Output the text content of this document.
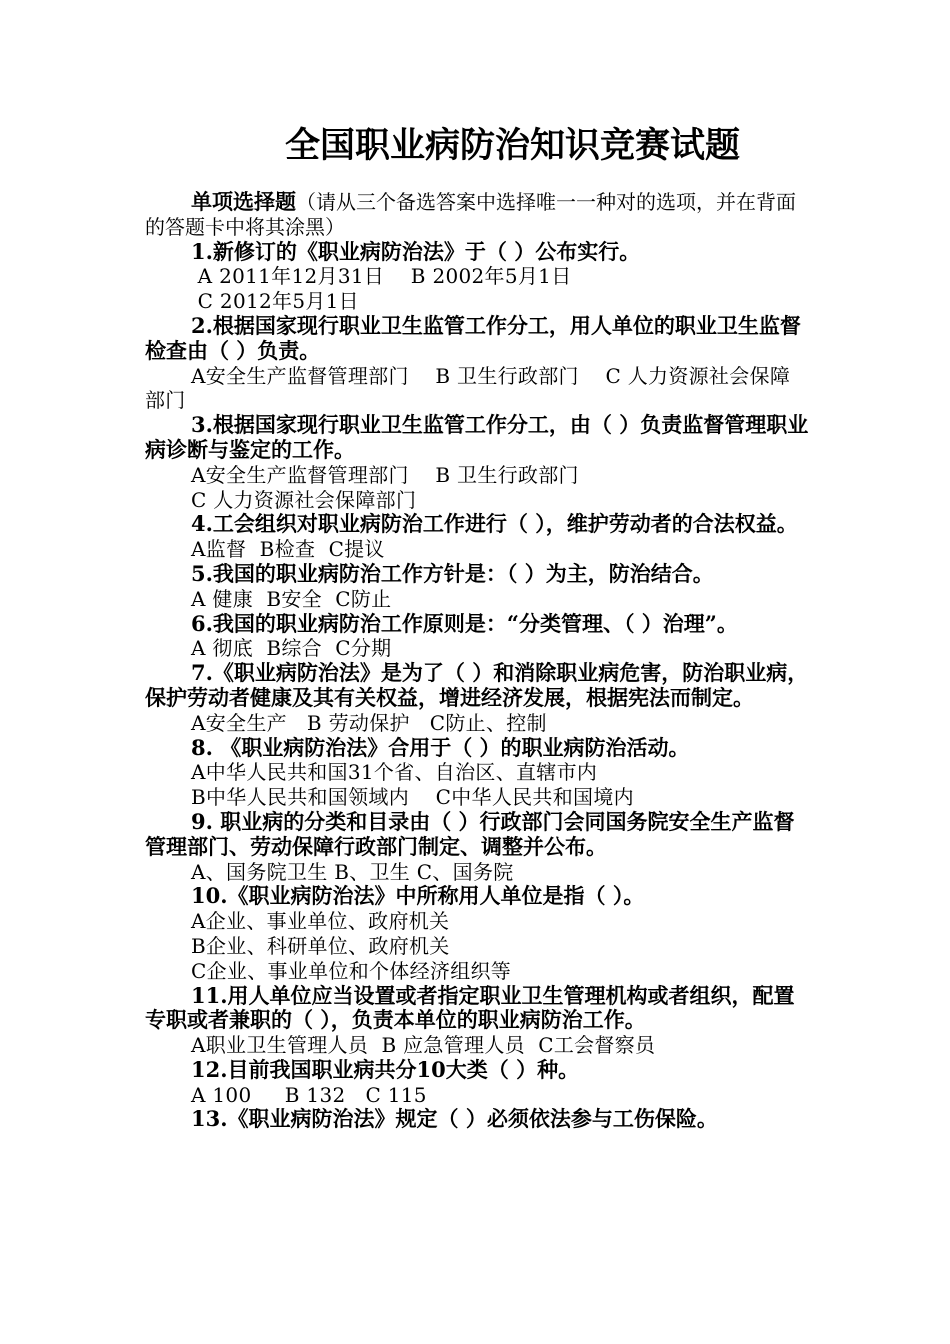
全国职业病防治知识竞赛试题

单项选择题（请从三个备选答案中选择唯一一种对的选项，并在背面的答题卡中将其涂黑）

1.新修订的《职业病防治法》于（ ）公布实行。

A 2011年12月31日    B 2002年5月1日

C 2012年5月1日

2.根据国家现行职业卫生监管工作分工，用人单位的职业卫生监督检查由（ ）负责。

A安全生产监督管理部门    B 卫生行政部门    C 人力资源社会保障部门

3.根据国家现行职业卫生监管工作分工，由（ ）负责监督管理职业病诊断与鉴定的工作。

A安全生产监督管理部门    B 卫生行政部门

C 人力资源社会保障部门

4.工会组织对职业病防治工作进行（ ），维护劳动者的合法权益。

A监督  B检查  C提议

5.我国的职业病防治工作方针是：（ ）为主，防治结合。

A 健康  B安全  C防止

6.我国的职业病防治工作原则是：“分类管理、（ ）治理”。

A 彻底  B综合  C分期

7.《职业病防治法》是为了（ ）和消除职业病危害，防治职业病，保护劳动者健康及其有关权益，增进经济发展，根据宪法而制定。

A安全生产   B 劳动保护   C防止、控制

8. 《职业病防治法》合用于（ ）的职业病防治活动。

A中华人民共和国31个省、自治区、直辖市内

B中华人民共和国领域内    C中华人民共和国境内

9. 职业病的分类和目录由（ ）行政部门会同国务院安全生产监督管理部门、劳动保障行政部门制定、调整并公布。

A、国务院卫生 B、卫生 C、国务院

10.《职业病防治法》中所称用人单位是指（ ）。

A企业、事业单位、政府机关

B企业、科研单位、政府机关

C企业、事业单位和个体经济组织等

11.用人单位应当设置或者指定职业卫生管理机构或者组织，配置专职或者兼职的（ ），负责本单位的职业病防治工作。

A职业卫生管理人员  B 应急管理人员  C工会督察员

12.目前我国职业病共分10大类（ ）种。

A 100     B 132   C 115

13.《职业病防治法》规定（ ）必须依法参与工伤保险。
